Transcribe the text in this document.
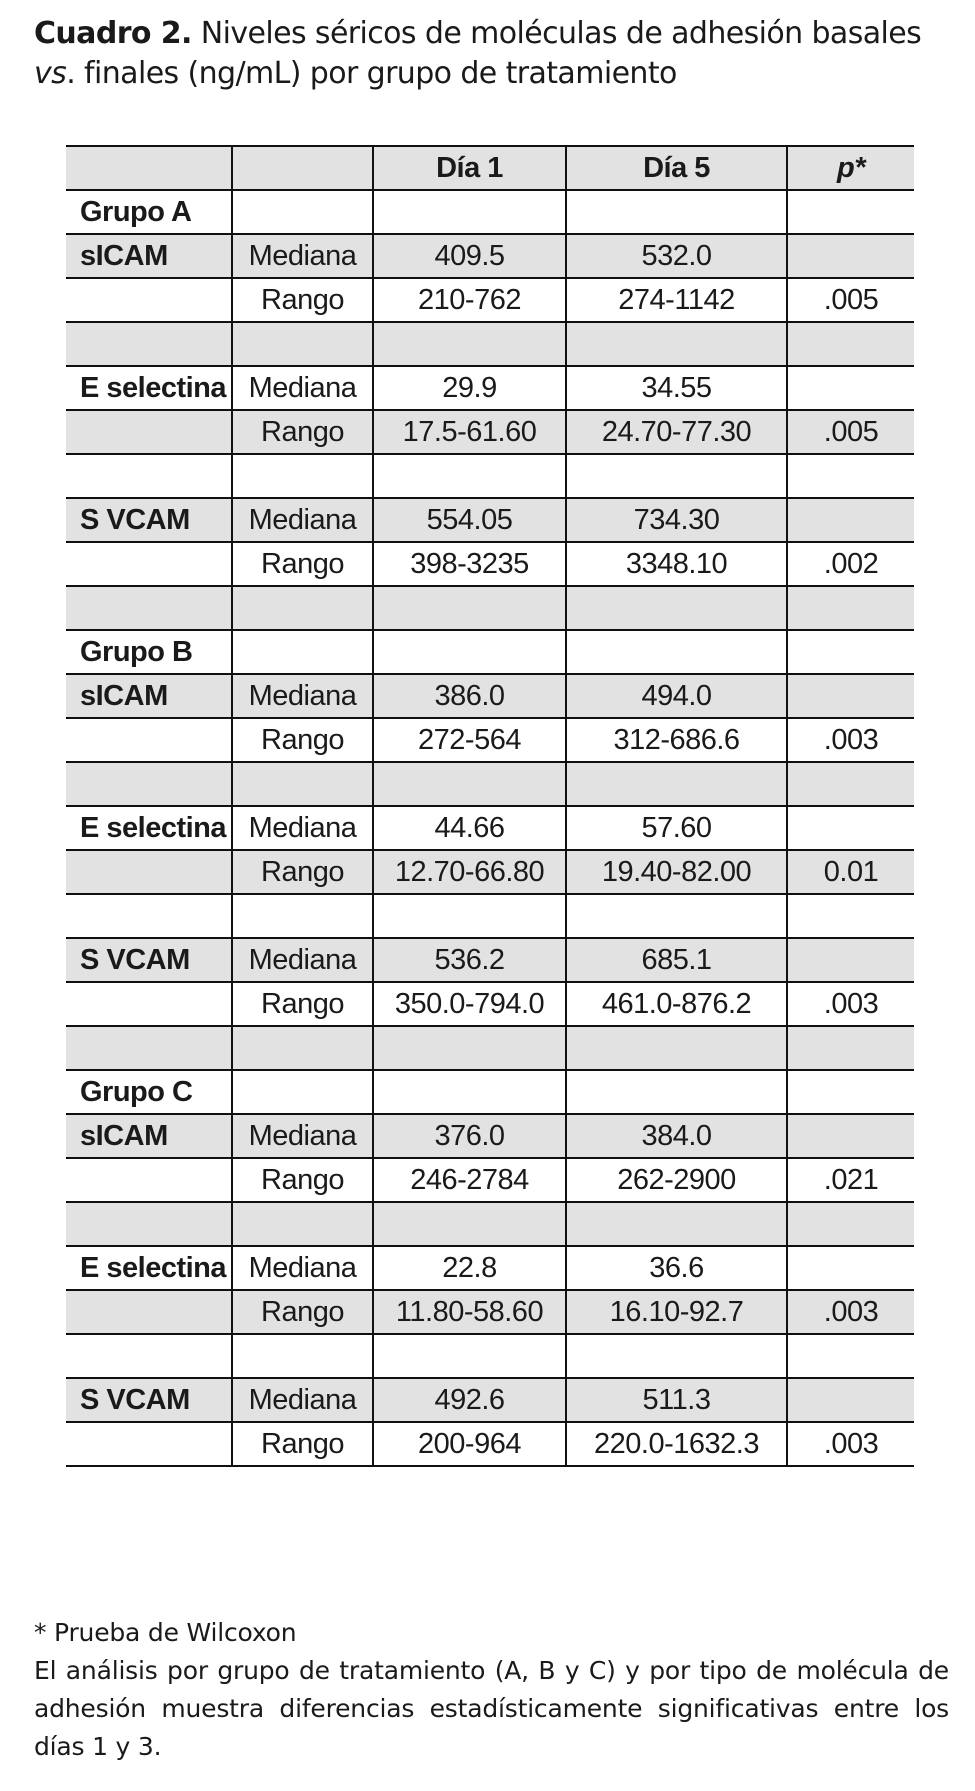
Cuadro 2. Niveles séricos de moléculas de adhesión basales vs. finales (ng/mL) por grupo de tratamiento
		Día 1	Día 5	p*
Grupo A				
sICAM	Mediana	409.5	532.0	
	Rango	210-762	274-1142	.005

E selectina	Mediana	29.9	34.55	
	Rango	17.5-61.60	24.70-77.30	.005

S VCAM	Mediana	554.05	734.30	
	Rango	398-3235	3348.10	.002

Grupo B				
sICAM	Mediana	386.0	494.0	
	Rango	272-564	312-686.6	.003

E selectina	Mediana	44.66	57.60	
	Rango	12.70-66.80	19.40-82.00	0.01

S VCAM	Mediana	536.2	685.1	
	Rango	350.0-794.0	461.0-876.2	.003

Grupo C				
sICAM	Mediana	376.0	384.0	
	Rango	246-2784	262-2900	.021

E selectina	Mediana	22.8	36.6	
	Rango	11.80-58.60	16.10-92.7	.003

S VCAM	Mediana	492.6	511.3	
	Rango	200-964	220.0-1632.3	.003
* Prueba de Wilcoxon
El análisis por grupo de tratamiento (A, B y C) y por tipo de molécula de adhesión muestra diferencias estadísticamente significativas entre los días 1 y 3.
